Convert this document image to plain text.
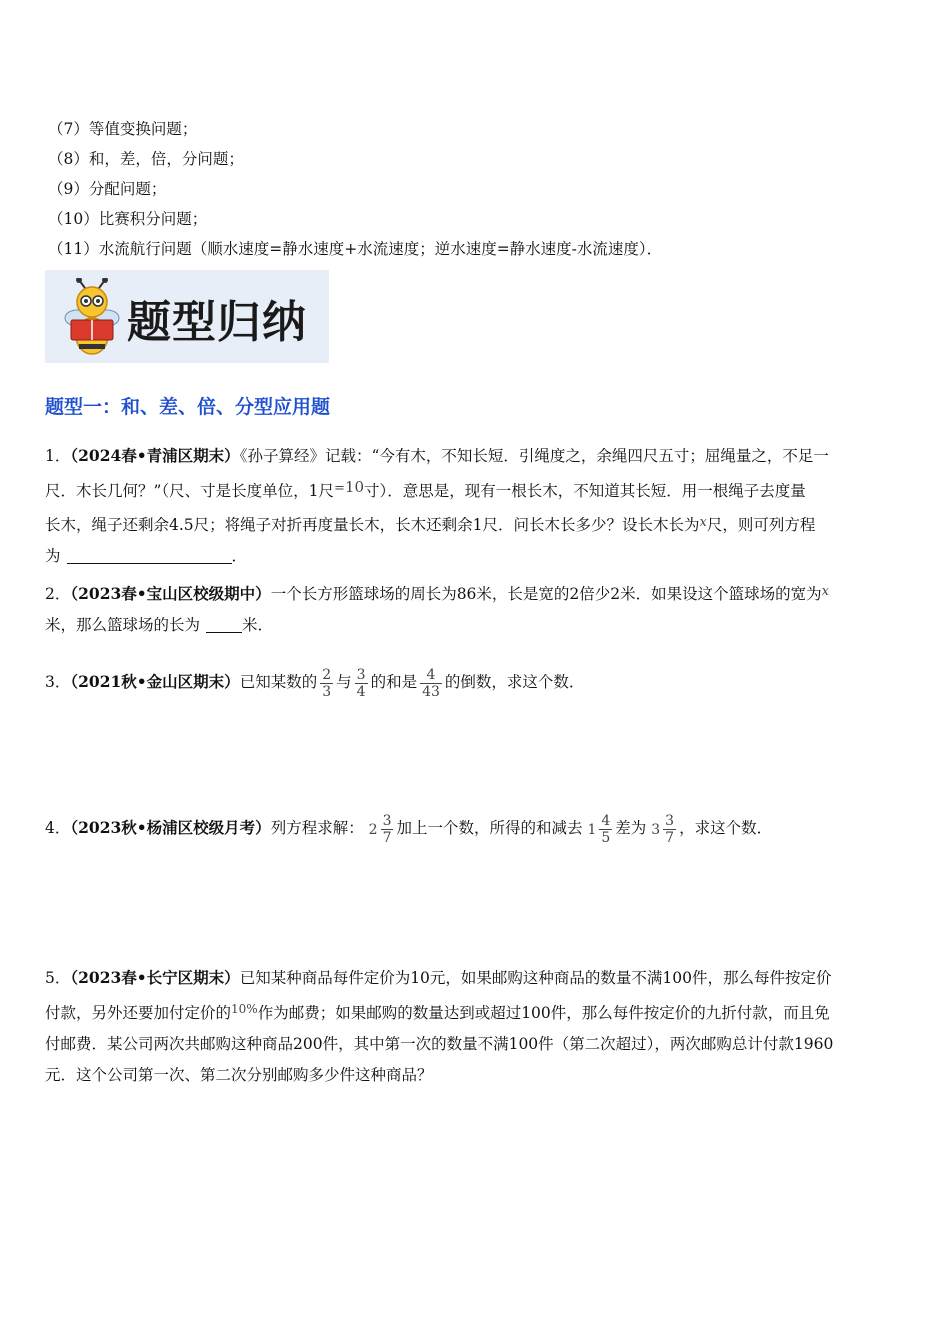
（7）等值变换问题；
（8）和，差，倍，分问题；
（9）分配问题；
（10）比赛积分问题；
（11）水流航行问题（顺水速度=静水速度+水流速度；逆水速度=静水速度-水流速度）．
题型归纳
题型一：和、差、倍、分型应用题
1．（2024春•青浦区期末）《孙子算经》记载：“今有木，不知长短．引绳度之，余绳四尺五寸；屈绳量之，不足一
尺．木长几何？”（尺、寸是长度单位，1尺=10寸）．意思是，现有一根长木，不知道其长短．用一根绳子去度量
长木，绳子还剩余4.5尺；将绳子对折再度量长木，长木还剩余1尺．问长木长多少？设长木长为$^x$尺，则可列方程
为	．
2．（2023春•宝山区校级期中）一个长方形篮球场的周长为86米，长是宽的2倍少2米．如果设这个篮球场的宽为$^x$
米，那么篮球场的长为	米．
3．（2021秋•金山区期末）已知某数的 $\frac{2}{3}$ 与 $\frac{3}{4}$ 的和是 $\frac{4}{43}$ 的倒数，求这个数．
4．（2023秋•杨浦区校级月考）列方程求解： $2 \frac{3}{7}$ 加上一个数，所得的和减去 $1 \frac{4}{5}$ 差为 $3 \frac{3}{7}$ ，求这个数．
5．（2023春•长宁区期末）已知某种商品每件定价为10元，如果邮购这种商品的数量不满100件，那么每件按定价
付款，另外还要加付定价的$^{10\%}$作为邮费；如果邮购的数量达到或超过100件，那么每件按定价的九折付款，而且免
付邮费．某公司两次共邮购这种商品200件，其中第一次的数量不满100件（第二次超过），两次邮购总计付款1960
元．这个公司第一次、第二次分别邮购多少件这种商品？
